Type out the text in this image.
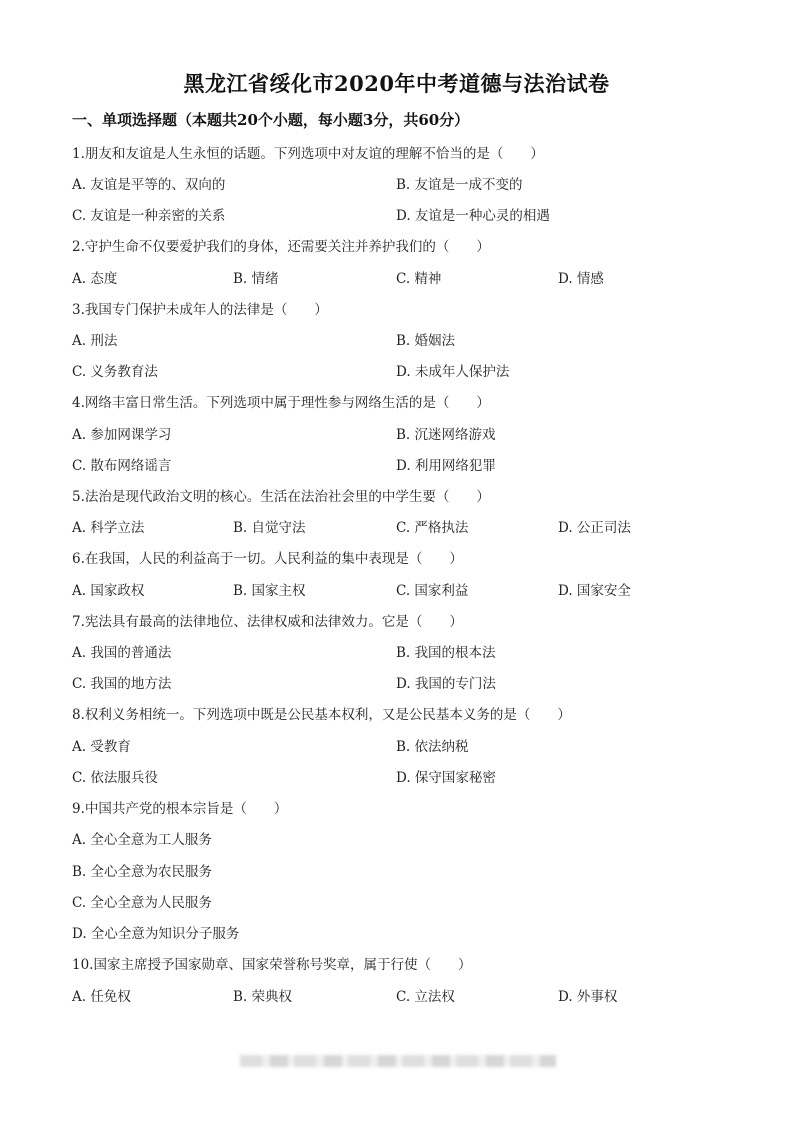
黑龙江省绥化市2020年中考道德与法治试卷
一、单项选择题（本题共20个小题，每小题3分，共60分）
1.朋友和友谊是人生永恒的话题。下列选项中对友谊的理解不恰当的是（　　）
A. 友谊是平等的、双向的	B. 友谊是一成不变的
C. 友谊是一种亲密的关系	D. 友谊是一种心灵的相遇
2.守护生命不仅要爱护我们的身体，还需要关注并养护我们的（　　）
A. 态度	B. 情绪	C. 精神	D. 情感
3.我国专门保护未成年人的法律是（　　）
A. 刑法	B. 婚姻法
C. 义务教育法	D. 未成年人保护法
4.网络丰富日常生活。下列选项中属于理性参与网络生活的是（　　）
A. 参加网课学习	B. 沉迷网络游戏
C. 散布网络谣言	D. 利用网络犯罪
5.法治是现代政治文明的核心。生活在法治社会里的中学生要（　　）
A. 科学立法	B. 自觉守法	C. 严格执法	D. 公正司法
6.在我国，人民的利益高于一切。人民利益的集中表现是（　　）
A. 国家政权	B. 国家主权	C. 国家利益	D. 国家安全
7.宪法具有最高的法律地位、法律权威和法律效力。它是（　　）
A. 我国的普通法	B. 我国的根本法
C. 我国的地方法	D. 我国的专门法
8.权利义务相统一。下列选项中既是公民基本权利，又是公民基本义务的是（　　）
A. 受教育	B. 依法纳税
C. 依法服兵役	D. 保守国家秘密
9.中国共产党的根本宗旨是（　　）
A. 全心全意为工人服务
B. 全心全意为农民服务
C. 全心全意为人民服务
D. 全心全意为知识分子服务
10.国家主席授予国家勋章、国家荣誉称号奖章，属于行使（　　）
A. 任免权	B. 荣典权	C. 立法权	D. 外事权
